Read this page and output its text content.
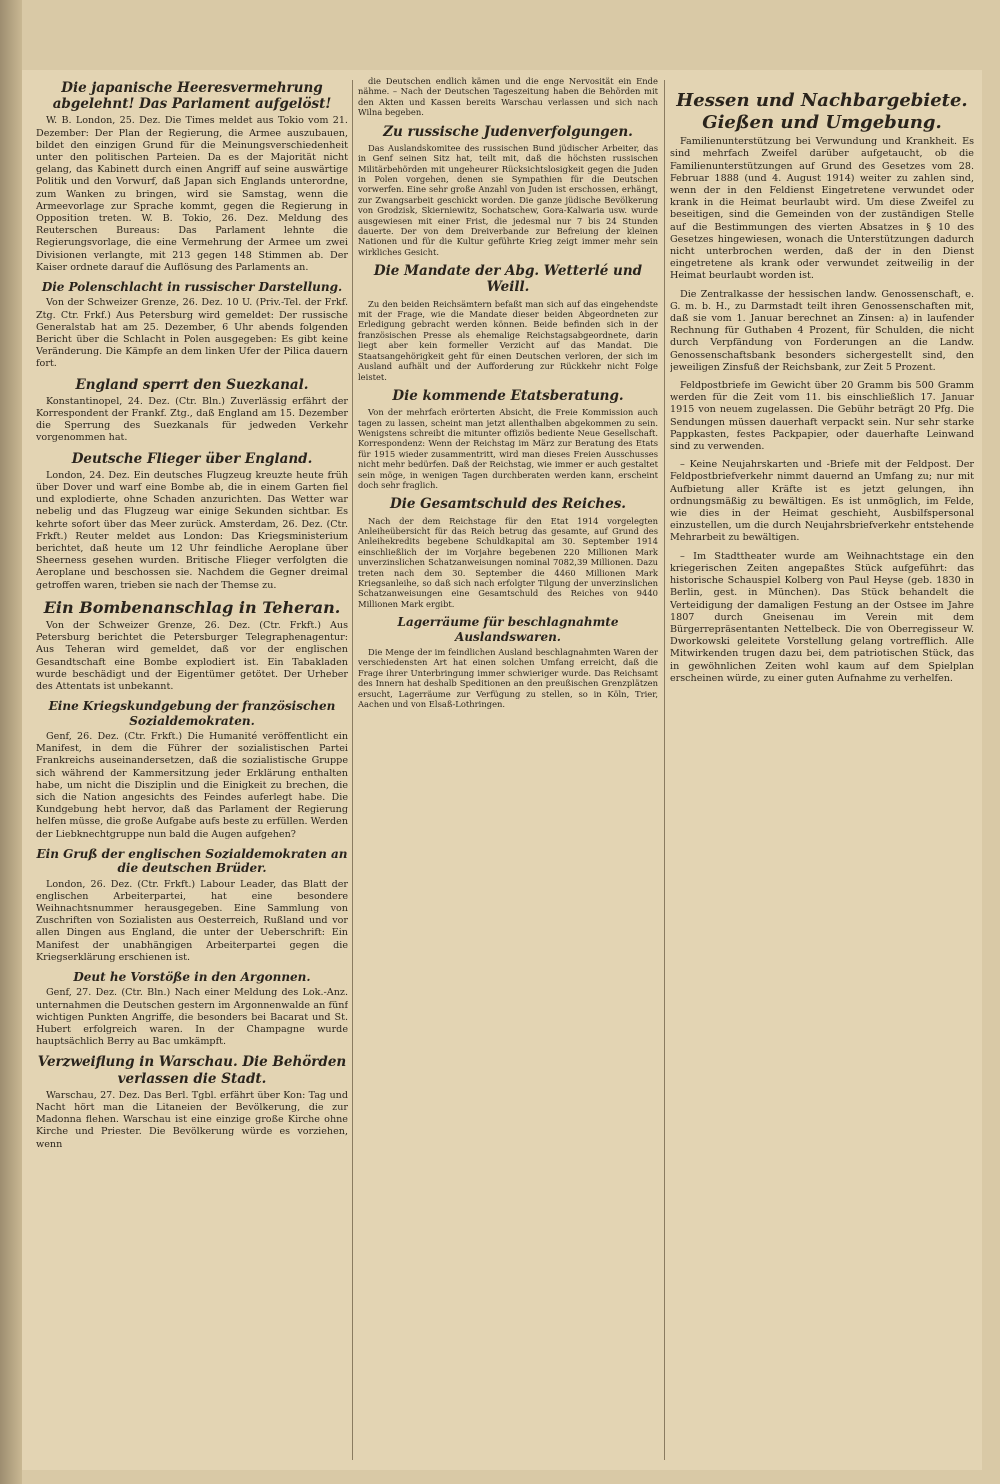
Die japanische Heeresvermehrung abgelehnt! Das Parlament aufgelöst!

W. B. London, 25. Dez. Die Times meldet aus Tokio vom 21. Dezember: Der Plan der Regierung, die Armee auszubauen, bildet den einzigen Grund für die Meinungsverschiedenheit unter den politischen Parteien. Da es der Majorität nicht gelang, das Kabinett durch einen Angriff auf seine auswärtige Politik und den Vorwurf, daß Japan sich Englands unterordne, zum Wanken zu bringen, wird sie Samstag, wenn die Armeevorlage zur Sprache kommt, gegen die Regierung in Opposition treten. W. B. Tokio, 26. Dez. Meldung des Reuterschen Bureaus: Das Parlament lehnte die Regierungsvorlage, die eine Vermehrung der Armee um zwei Divisionen verlangte, mit 213 gegen 148 Stimmen ab. Der Kaiser ordnete darauf die Auflösung des Parlaments an.

Die Polenschlacht in russischer Darstellung.

Von der Schweizer Grenze, 26. Dez. 10 U. (Priv.-Tel. der Frkf. Ztg. Ctr. Frkf.) Aus Petersburg wird gemeldet: Der russische Generalstab hat am 25. Dezember, 6 Uhr abends folgenden Bericht über die Schlacht in Polen ausgegeben: Es gibt keine Veränderung. Die Kämpfe an dem linken Ufer der Pilica dauern fort.

England sperrt den Suezkanal.

Konstantinopel, 24. Dez. (Ctr. Bln.) Zuverlässig erfährt der Korrespondent der Frankf. Ztg., daß England am 15. Dezember die Sperrung des Suezkanals für jedweden Verkehr vorgenommen hat.

Deutsche Flieger über England.

London, 24. Dez. Ein deutsches Flugzeug kreuzte heute früh über Dover und warf eine Bombe ab, die in einem Garten fiel und explodierte, ohne Schaden anzurichten. Das Wetter war nebelig und das Flugzeug war einige Sekunden sichtbar. Es kehrte sofort über das Meer zurück. Amsterdam, 26. Dez. (Ctr. Frkft.) Reuter meldet aus London: Das Kriegsministerium berichtet, daß heute um 12 Uhr feindliche Aeroplane über Sheerness gesehen wurden. Britische Flieger verfolgten die Aeroplane und beschossen sie. Nachdem die Gegner dreimal getroffen waren, trieben sie nach der Themse zu.

Ein Bombenanschlag in Teheran.

Von der Schweizer Grenze, 26. Dez. (Ctr. Frkft.) Aus Petersburg berichtet die Petersburger Telegraphenagentur: Aus Teheran wird gemeldet, daß vor der englischen Gesandtschaft eine Bombe explodiert ist. Ein Tabakladen wurde beschädigt und der Eigentümer getötet. Der Urheber des Attentats ist unbekannt.

Eine Kriegskundgebung der französischen Sozialdemokraten.

Genf, 26. Dez. (Ctr. Frkft.) Die Humanité veröffentlicht ein Manifest, in dem die Führer der sozialistischen Partei Frankreichs auseinandersetzen, daß die sozialistische Gruppe sich während der Kammersitzung jeder Erklärung enthalten habe, um nicht die Disziplin und die Einigkeit zu brechen, die sich die Nation angesichts des Feindes auferlegt habe. Die Kundgebung hebt hervor, daß das Parlament der Regierung helfen müsse, die große Aufgabe aufs beste zu erfüllen. Werden der Liebknechtgruppe nun bald die Augen aufgehen?

Ein Gruß der englischen Sozialdemokraten an die deutschen Brüder.

London, 26. Dez. (Ctr. Frkft.) Labour Leader, das Blatt der englischen Arbeiterpartei, hat eine besondere Weihnachtsnummer herausgegeben. Eine Sammlung von Zuschriften von Sozialisten aus Oesterreich, Rußland und vor allen Dingen aus England, die unter der Ueberschrift: Ein Manifest der unabhängigen Arbeiterpartei gegen die Kriegserklärung erschienen ist.

Deut he Vorstöße in den Argonnen.

Genf, 27. Dez. (Ctr. Bln.) Nach einer Meldung des Lok.-Anz. unternahmen die Deutschen gestern im Argonnenwalde an fünf wichtigen Punkten Angriffe, die besonders bei Bacarat und St. Hubert erfolgreich waren. In der Champagne wurde hauptsächlich Berry au Bac umkämpft.

Verzweiflung in Warschau. Die Behörden verlassen die Stadt.

Warschau, 27. Dez. Das Berl. Tgbl. erfährt über Kon: Tag und Nacht hört man die Litaneien der Bevölkerung, die zur Madonna flehen. Warschau ist eine einzige große Kirche ohne Kirche und Priester. Die Bevölkerung würde es vorziehen, wenn

die Deutschen endlich kämen und die enge Nervosität ein Ende nähme. – Nach der Deutschen Tageszeitung haben die Behörden mit den Akten und Kassen bereits Warschau verlassen und sich nach Wilna begeben.

Zu russische Judenverfolgungen.

Das Auslandskomitee des russischen Bund jüdischer Arbeiter, das in Genf seinen Sitz hat, teilt mit, daß die höchsten russischen Militärbehörden mit ungeheurer Rücksichtslosigkeit gegen die Juden in Polen vorgehen, denen sie Sympathien für die Deutschen vorwerfen. Eine sehr große Anzahl von Juden ist erschossen, erhängt, zur Zwangsarbeit geschickt worden. Die ganze jüdische Bevölkerung von Grodzisk, Skierniewitz, Sochatschew, Gora-Kalwaria usw. wurde ausgewiesen mit einer Frist, die jedesmal nur 7 bis 24 Stunden dauerte. Der von dem Dreiverbande zur Befreiung der kleinen Nationen und für die Kultur geführte Krieg zeigt immer mehr sein wirkliches Gesicht.

Die Mandate der Abg. Wetterlé und Weill.

Zu den beiden Reichsämtern befaßt man sich auf das eingehendste mit der Frage, wie die Mandate dieser beiden Abgeordneten zur Erledigung gebracht werden können. Beide befinden sich in der französischen Presse als ehemalige Reichstagsabgeordnete, darin liegt aber kein formeller Verzicht auf das Mandat. Die Staatsangehörigkeit geht für einen Deutschen verloren, der sich im Ausland aufhält und der Aufforderung zur Rückkehr nicht Folge leistet.

Die kommende Etatsberatung.

Von der mehrfach erörterten Absicht, die Freie Kommission auch tagen zu lassen, scheint man jetzt allenthalben abgekommen zu sein. Wenigstens schreibt die mitunter offiziös bediente Neue Gesellschaft. Korrespondenz: Wenn der Reichstag im März zur Beratung des Etats für 1915 wieder zusammentritt, wird man dieses Freien Ausschusses nicht mehr bedürfen. Daß der Reichstag, wie immer er auch gestaltet sein möge, in wenigen Tagen durchberaten werden kann, erscheint doch sehr fraglich.

Die Gesamtschuld des Reiches.

Nach der dem Reichstage für den Etat 1914 vorgelegten Anleiheübersicht für das Reich betrug das gesamte, auf Grund des Anleihekredits begebene Schuldkapital am 30. September 1914 einschließlich der im Vorjahre begebenen 220 Millionen Mark unverzinslichen Schatzanweisungen nominal 7082,39 Millionen. Dazu treten nach dem 30. September die 4460 Millionen Mark Kriegsanleihe, so daß sich nach erfolgter Tilgung der unverzinslichen Schatzanweisungen eine Gesamtschuld des Reiches von 9440 Millionen Mark ergibt.

Lagerräume für beschlagnahmte Auslandswaren.

Die Menge der im feindlichen Ausland beschlagnahmten Waren der verschiedensten Art hat einen solchen Umfang erreicht, daß die Frage ihrer Unterbringung immer schwieriger wurde. Das Reichsamt des Innern hat deshalb Speditionen an den preußischen Grenzplätzen ersucht, Lagerräume zur Verfügung zu stellen, so in Köln, Trier, Aachen und von Elsaß-Lothringen.

Hessen und Nachbargebiete. Gießen und Umgebung.

Familienunterstützung bei Verwundung und Krankheit. Es sind mehrfach Zweifel darüber aufgetaucht, ob die Familienunterstützungen auf Grund des Gesetzes vom 28. Februar 1888 (und 4. August 1914) weiter zu zahlen sind, wenn der in den Feldienst Eingetretene verwundet oder krank in die Heimat beurlaubt wird. Um diese Zweifel zu beseitigen, sind die Gemeinden von der zuständigen Stelle auf die Bestimmungen des vierten Absatzes in § 10 des Gesetzes hingewiesen, wonach die Unterstützungen dadurch nicht unterbrochen werden, daß der in den Dienst eingetretene als krank oder verwundet zeitweilig in der Heimat beurlaubt worden ist.

Die Zentralkasse der hessischen landw. Genossenschaft, e. G. m. b. H., zu Darmstadt teilt ihren Genossenschaften mit, daß sie vom 1. Januar berechnet an Zinsen: a) in laufender Rechnung für Guthaben 4 Prozent, für Schulden, die nicht durch Verpfändung von Forderungen an die Landw. Genossenschaftsbank besonders sichergestellt sind, den jeweiligen Zinsfuß der Reichsbank, zur Zeit 5 Prozent.

Feldpostbriefe im Gewicht über 20 Gramm bis 500 Gramm werden für die Zeit vom 11. bis einschließlich 17. Januar 1915 von neuem zugelassen. Die Gebühr beträgt 20 Pfg. Die Sendungen müssen dauerhaft verpackt sein. Nur sehr starke Pappkasten, festes Packpapier, oder dauerhafte Leinwand sind zu verwenden.

– Keine Neujahrskarten und -Briefe mit der Feldpost. Der Feldpostbriefverkehr nimmt dauernd an Umfang zu; nur mit Aufbietung aller Kräfte ist es jetzt gelungen, ihn ordnungsmäßig zu bewältigen. Es ist unmöglich, im Felde, wie dies in der Heimat geschieht, Ausbilfspersonal einzustellen, um die durch Neujahrsbriefverkehr entstehende Mehrarbeit zu bewältigen.

– Im Stadttheater wurde am Weihnachtstage ein den kriegerischen Zeiten angepaßtes Stück aufgeführt: das historische Schauspiel Kolberg von Paul Heyse (geb. 1830 in Berlin, gest. in München). Das Stück behandelt die Verteidigung der damaligen Festung an der Ostsee im Jahre 1807 durch Gneisenau im Verein mit dem Bürgerrepräsentanten Nettelbeck. Die von Oberregisseur W. Dworkowski geleitete Vorstellung gelang vortrefflich. Alle Mitwirkenden trugen dazu bei, dem patriotischen Stück, das in gewöhnlichen Zeiten wohl kaum auf dem Spielplan erscheinen würde, zu einer guten Aufnahme zu verhelfen.
